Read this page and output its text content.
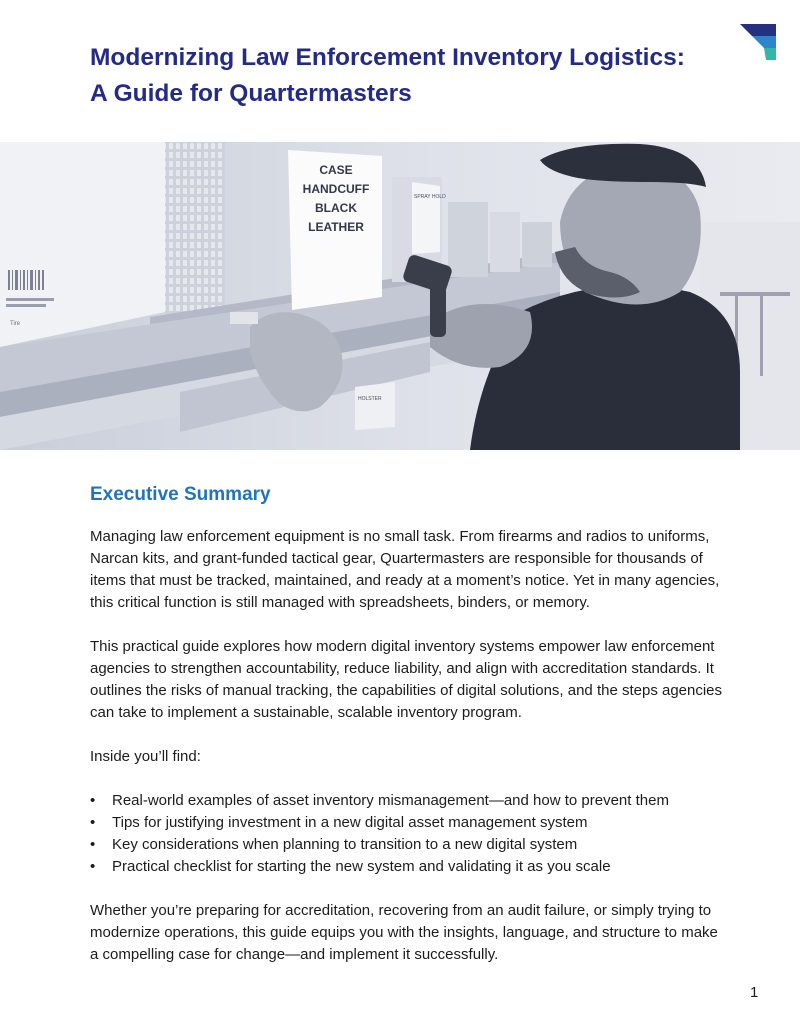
Modernizing Law Enforcement Inventory Logistics:
A Guide for Quartermasters
Tire
CASE
HANDCUFF
BLACK
LEATHER
SPRAY HOLD
HOLSTER
Executive Summary

Managing law enforcement equipment is no small task. From firearms and radios to uniforms, Narcan kits, and grant-funded tactical gear, Quartermasters are responsible for thousands of items that must be tracked, maintained, and ready at a moment’s notice. Yet in many agencies, this critical function is still managed with spreadsheets, binders, or memory.

This practical guide explores how modern digital inventory systems empower law enforcement agencies to strengthen accountability, reduce liability, and align with accreditation standards. It outlines the risks of manual tracking, the capabilities of digital solutions, and the steps agencies can take to implement a sustainable, scalable inventory program.

Inside you’ll find:

• Real-world examples of asset inventory mismanagement—and how to prevent them
• Tips for justifying investment in a new digital asset management system
• Key considerations when planning to transition to a new digital system
• Practical checklist for starting the new system and validating it as you scale

Whether you’re preparing for accreditation, recovering from an audit failure, or simply trying to modernize operations, this guide equips you with the insights, language, and structure to make a compelling case for change—and implement it successfully.

1
